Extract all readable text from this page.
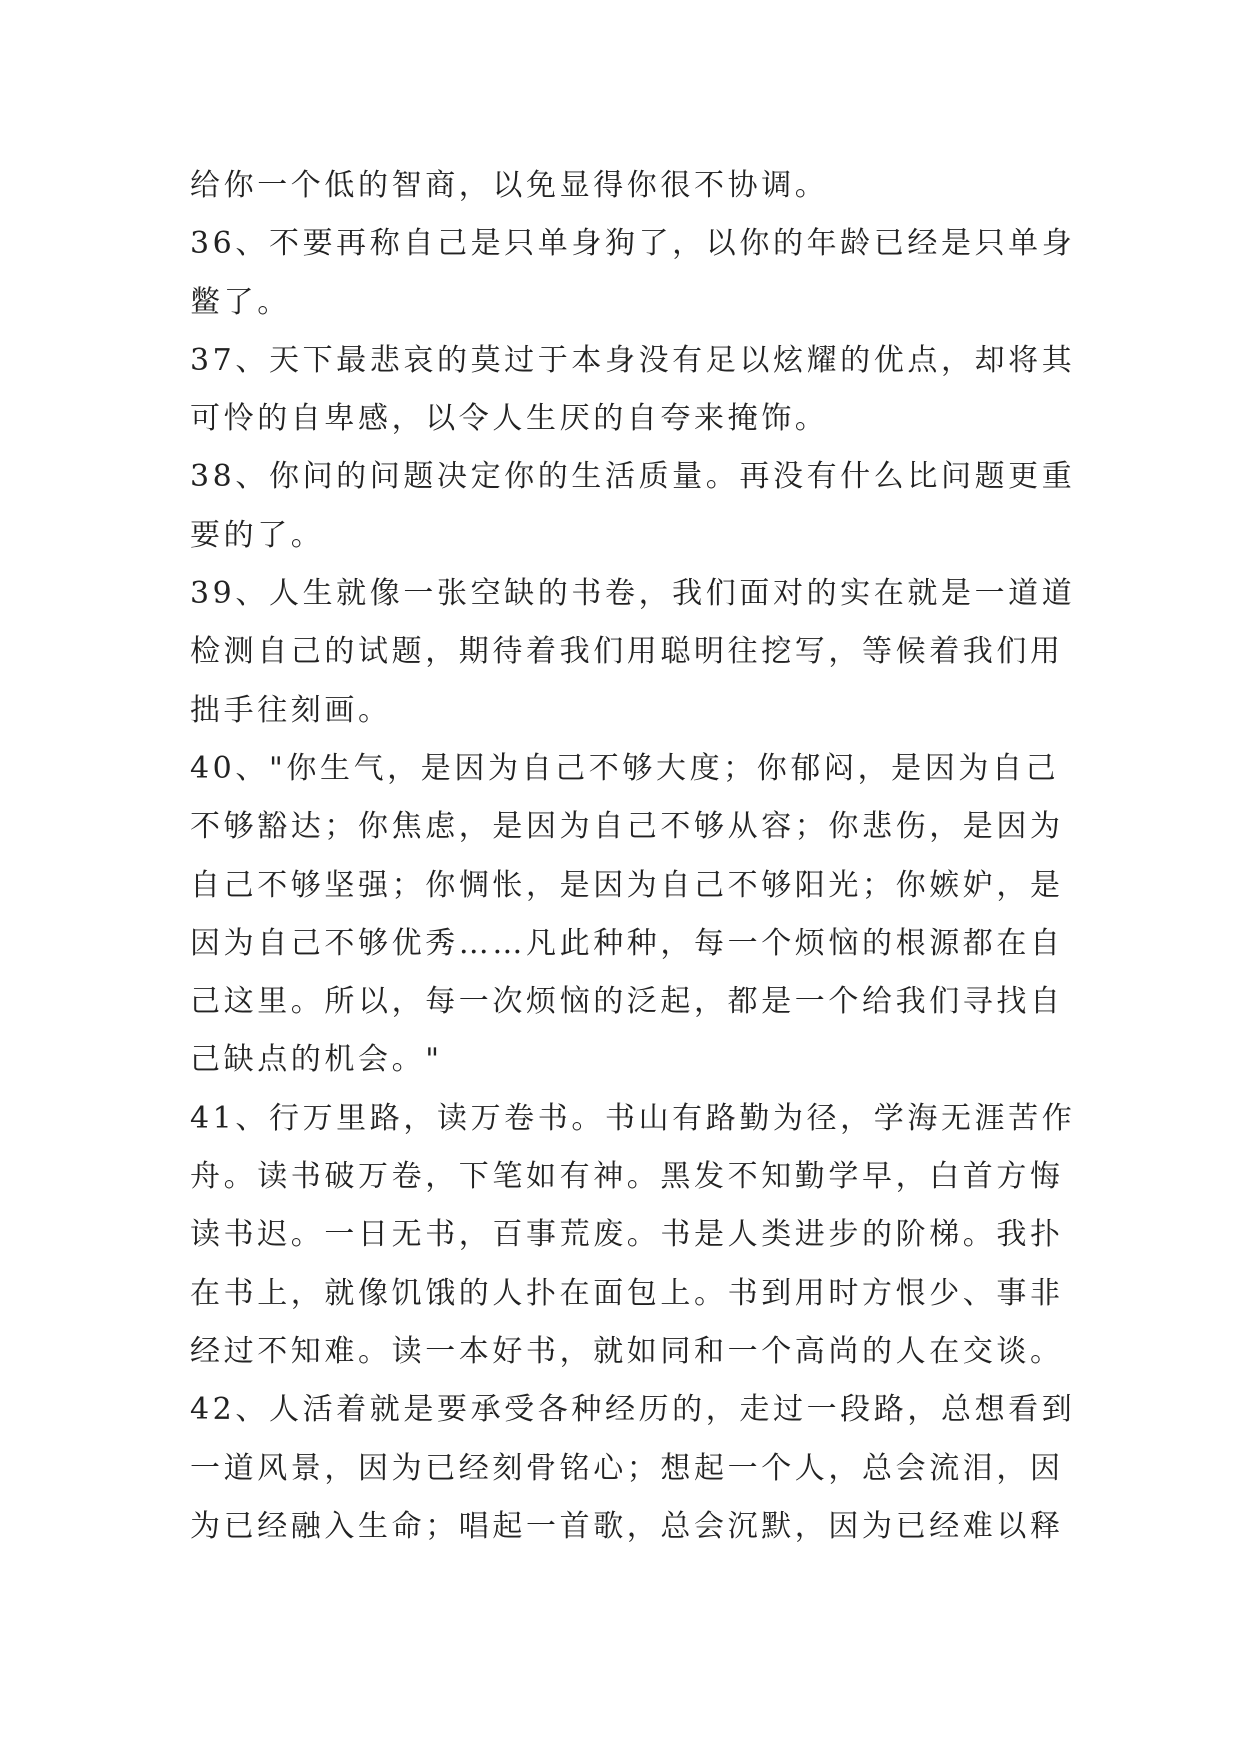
给你一个低的智商，以免显得你很不协调。
36、不要再称自己是只单身狗了，以你的年龄已经是只单身
鳖了。
37、天下最悲哀的莫过于本身没有足以炫耀的优点，却将其
可怜的自卑感，以令人生厌的自夸来掩饰。
38、你问的问题决定你的生活质量。再没有什么比问题更重
要的了。
39、人生就像一张空缺的书卷，我们面对的实在就是一道道
检测自己的试题，期待着我们用聪明往挖写，等候着我们用
拙手往刻画。
40、"你生气，是因为自己不够大度；你郁闷，是因为自己
不够豁达；你焦虑，是因为自己不够从容；你悲伤，是因为
自己不够坚强；你惆怅，是因为自己不够阳光；你嫉妒，是
因为自己不够优秀……凡此种种，每一个烦恼的根源都在自
己这里。所以，每一次烦恼的泛起，都是一个给我们寻找自
己缺点的机会。"
41、行万里路，读万卷书。书山有路勤为径，学海无涯苦作
舟。读书破万卷，下笔如有神。黑发不知勤学早，白首方悔
读书迟。一日无书，百事荒废。书是人类进步的阶梯。我扑
在书上，就像饥饿的人扑在面包上。书到用时方恨少、事非
经过不知难。读一本好书，就如同和一个高尚的人在交谈。
42、人活着就是要承受各种经历的，走过一段路，总想看到
一道风景，因为已经刻骨铭心；想起一个人，总会流泪，因
为已经融入生命；唱起一首歌，总会沉默，因为已经难以释
